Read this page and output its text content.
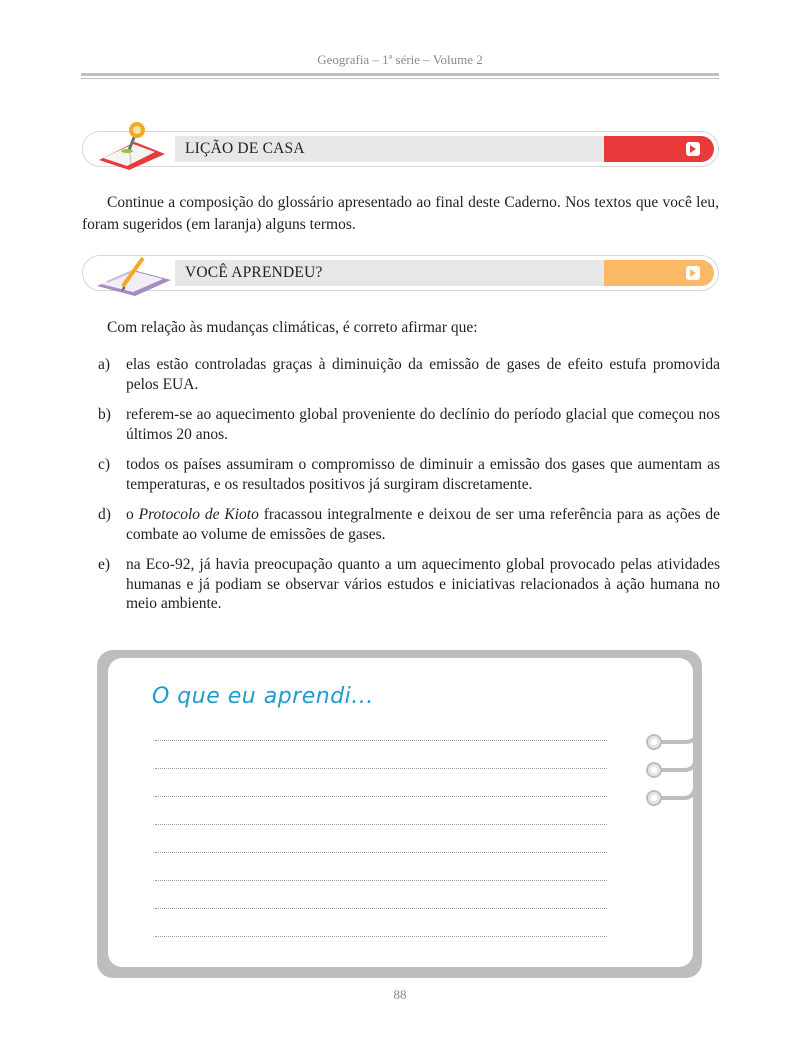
Geografia – 1ª série – Volume 2
LIÇÃO DE CASA

Continue a composição do glossário apresentado ao final deste Caderno. Nos textos que você leu, foram sugeridos (em laranja) alguns termos.

VOCÊ APRENDEU?

Com relação às mudanças climáticas, é correto afirmar que:

a) elas estão controladas graças à diminuição da emissão de gases de efeito estufa promovida pelos EUA.
b) referem-se ao aquecimento global proveniente do declínio do período glacial que começou nos últimos 20 anos.
c) todos os países assumiram o compromisso de diminuir a emissão dos gases que aumentam as temperaturas, e os resultados positivos já surgiram discretamente.
d) o Protocolo de Kioto fracassou integralmente e deixou de ser uma referência para as ações de combate ao volume de emissões de gases.
e) na Eco-92, já havia preocupação quanto a um aquecimento global provocado pelas atividades humanas e já podiam se observar vários estudos e iniciativas relacionados à ação humana no meio ambiente.
O que eu aprendi...
88
